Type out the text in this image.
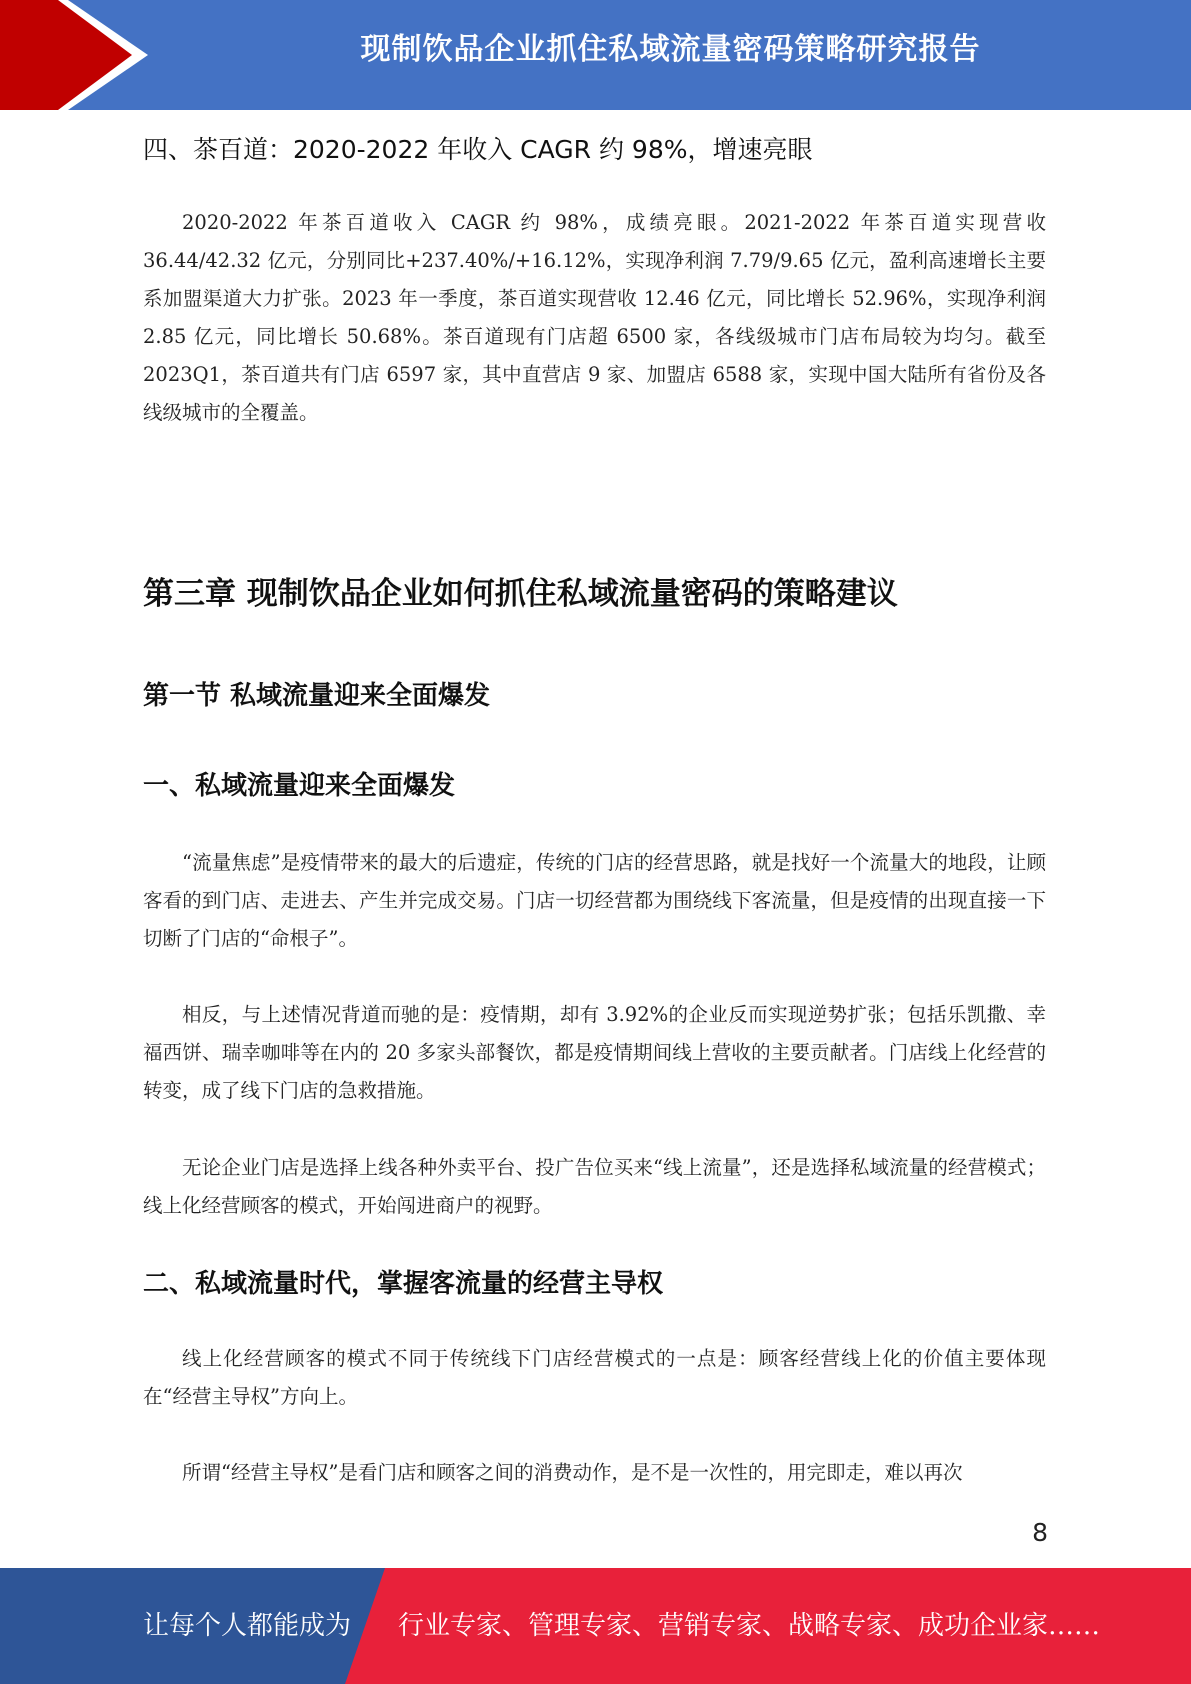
现制饮品企业抓住私域流量密码策略研究报告
四、茶百道：2020-2022 年收入 CAGR 约 98%，增速亮眼

2020-2022 年茶百道收入 CAGR 约 98%，成绩亮眼。2021-2022 年茶百道实现营收 36.44/42.32 亿元，分别同比+237.40%/+16.12%，实现净利润 7.79/9.65 亿元，盈利高速增长主要系加盟渠道大力扩张。2023 年一季度，茶百道实现营收 12.46 亿元，同比增长 52.96%，实现净利润 2.85 亿元，同比增长 50.68%。茶百道现有门店超 6500 家，各线级城市门店布局较为均匀。截至 2023Q1，茶百道共有门店 6597 家，其中直营店 9 家、加盟店 6588 家，实现中国大陆所有省份及各线级城市的全覆盖。

第三章 现制饮品企业如何抓住私域流量密码的策略建议
第一节 私域流量迎来全面爆发
一、私域流量迎来全面爆发

“流量焦虑”是疫情带来的最大的后遗症，传统的门店的经营思路，就是找好一个流量大的地段，让顾客看的到门店、走进去、产生并完成交易。门店一切经营都为围绕线下客流量，但是疫情的出现直接一下切断了门店的“命根子”。

相反，与上述情况背道而驰的是：疫情期，却有 3.92%的企业反而实现逆势扩张；包括乐凯撒、幸福西饼、瑞幸咖啡等在内的 20 多家头部餐饮，都是疫情期间线上营收的主要贡献者。门店线上化经营的转变，成了线下门店的急救措施。

无论企业门店是选择上线各种外卖平台、投广告位买来“线上流量”，还是选择私域流量的经营模式；线上化经营顾客的模式，开始闯进商户的视野。

二、私域流量时代，掌握客流量的经营主导权

线上化经营顾客的模式不同于传统线下门店经营模式的一点是：顾客经营线上化的价值主要体现在“经营主导权”方向上。

所谓“经营主导权”是看门店和顾客之间的消费动作，是不是一次性的，用完即走，难以再次

8
让每个人都能成为 行业专家、管理专家、营销专家、战略专家、成功企业家……
